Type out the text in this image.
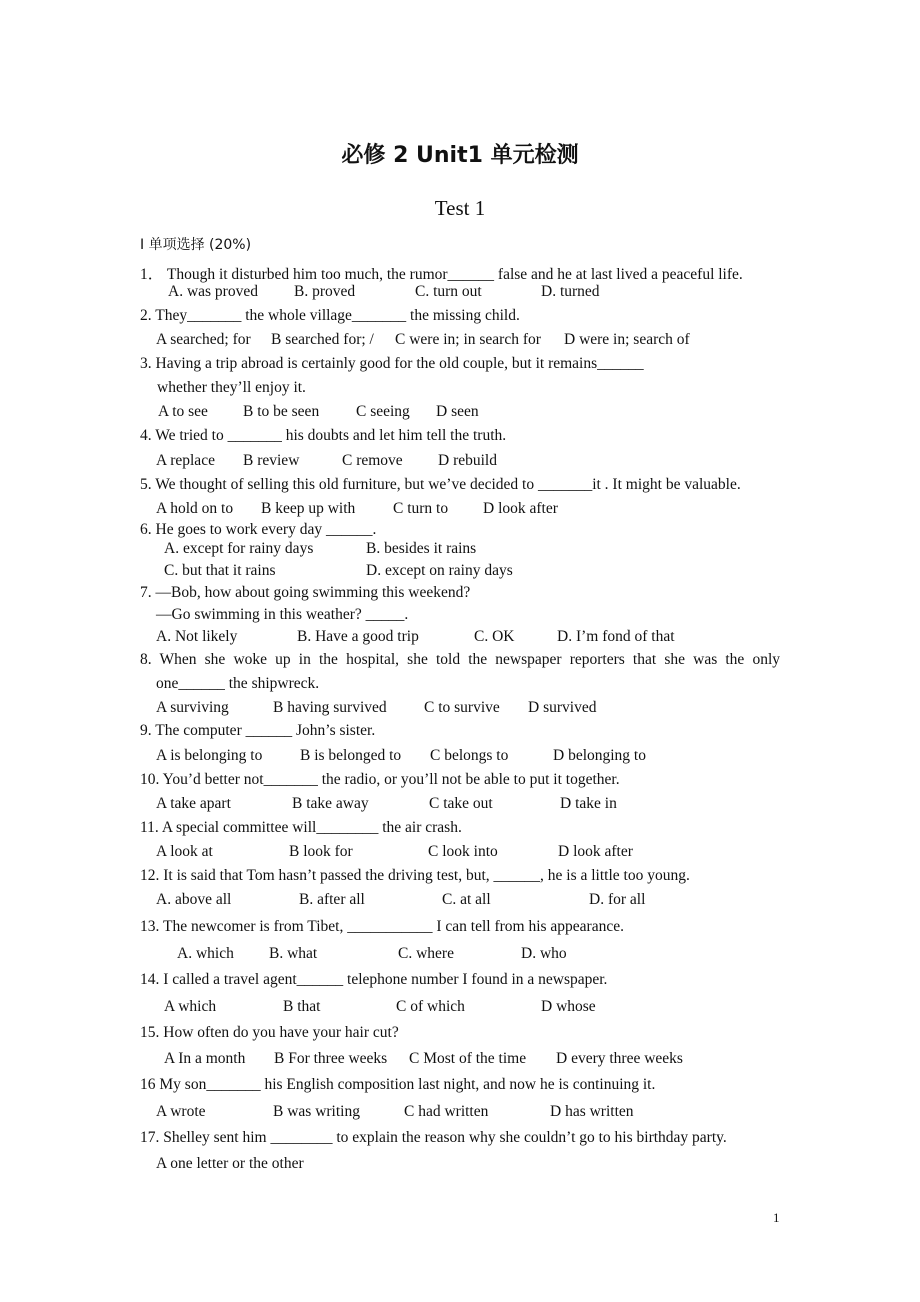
必修 2 Unit1 单元检测
Test 1
I 单项选择 (20%)
1． Though it disturbed him too much, the rumor______ false and he at last lived a peaceful life.
A. was proved B. proved	C. turn out	D. turned
2. They_______ the whole village_______ the missing child.
A searched; for B searched for; / C were in; in search for D were in; search of
3. Having a trip abroad is certainly good for the old couple, but it remains______
whether they’ll enjoy it.
A to see B to be seen C seeing D seen
4. We tried to _______ his doubts and let him tell the truth.
A replace B review	C remove D rebuild
5. We thought of selling this old furniture, but we’ve decided to _______it . It might be valuable.
A hold on to B keep up with C turn to D look after
6. He goes to work every day ______.
A. except for rainy days	B. besides it rains
C. but that it rains	D. except on rainy days
7. —Bob, how about going swimming this weekend?
—Go swimming in this weather? _____.
A. Not likely	B. Have a good trip	C. OK	D. I’m fond of that
8. When she woke up in the hospital, she told the newspaper reporters that she was the only
one______ the shipwreck.
A surviving	B having survived C to survive D survived
9. The computer ______ John’s sister.
A is belonging to B is belonged to C belongs to	D belonging to
10. You’d better not_______ the radio, or you’ll not be able to put it together.
A take apart	B take away	C take out	D take in
11. A special committee will________ the air crash.
A look at	B look for	C look into	D look after
12. It is said that Tom hasn’t passed the driving test, but, ______, he is a little too young.
A. above all	B. after all	C. at all	D. for all
13. The newcomer is from Tibet, ___________ I can tell from his appearance.
A. which B. what	C. where	D. who
14. I called a travel agent______ telephone number I found in a newspaper.
A which	B that	C of which	D whose
15. How often do you have your hair cut?
A In a month B For three weeks C Most of the time D every three weeks
16 My son_______ his English composition last night, and now he is continuing it.
A wrote	B was writing	C had written	D has written
17. Shelley sent him ________ to explain the reason why she couldn’t go to his birthday party.
A one letter or the other
1
